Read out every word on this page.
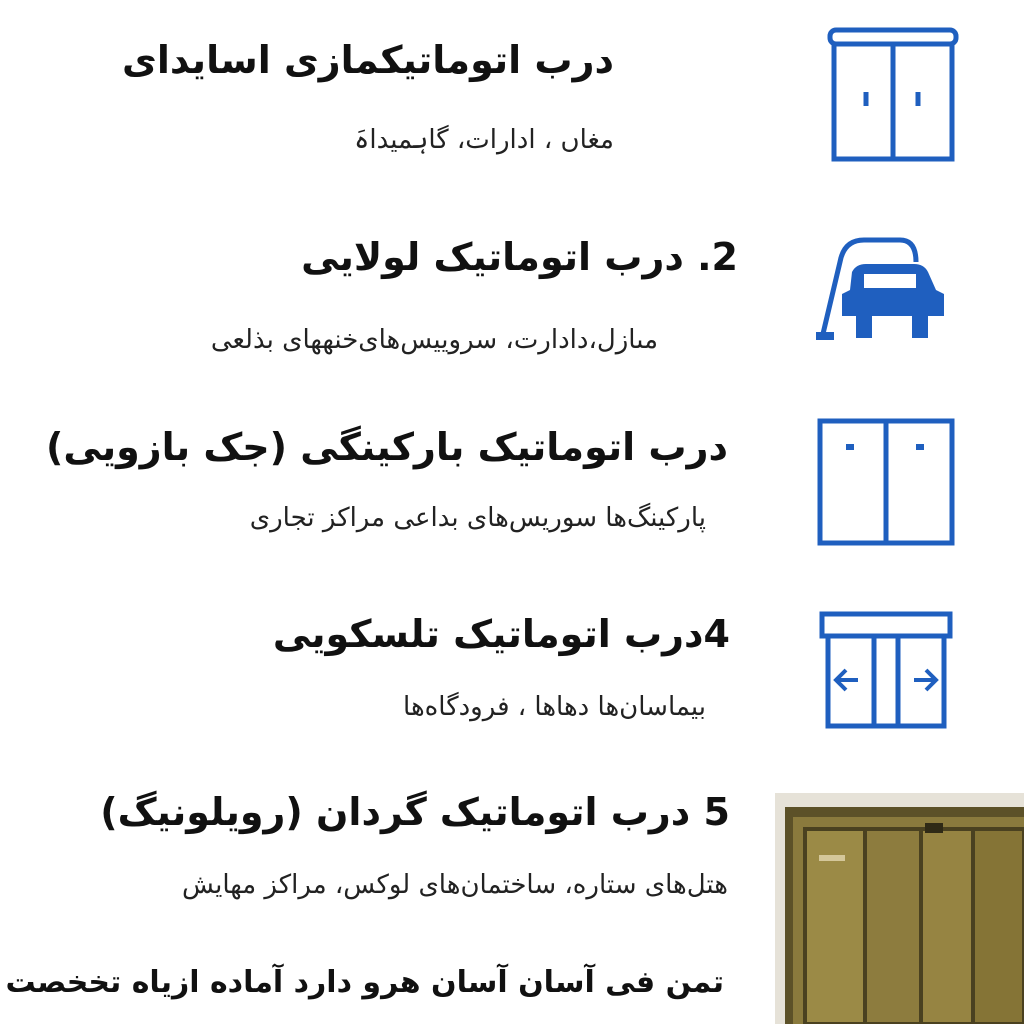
درب اتوماتیکمازی اسایدای
مغاں ، ادارات، گاہمیداہَ
2. درب اتوماتیک لولایی
مںازل،دادارت، سروییس‌های‌خنهھای بذلعی
درب اتوماتیک بارکینگی (جک بازویی)
پارکینگ‌ها سوریس‌های بداعی مراکز تجاری
4درب اتوماتیک تلسکویی
بیماسان‌ها دهاها ، فرودگاه‌ها
5 درب اتوماتیک گردان (رویلونیگ)
هتل‌های ستاره، ساختمان‌های لوکس، مراکز مهایش
تمن فی آسان آسان هرو دارد آماده ازیاه تخخصت
